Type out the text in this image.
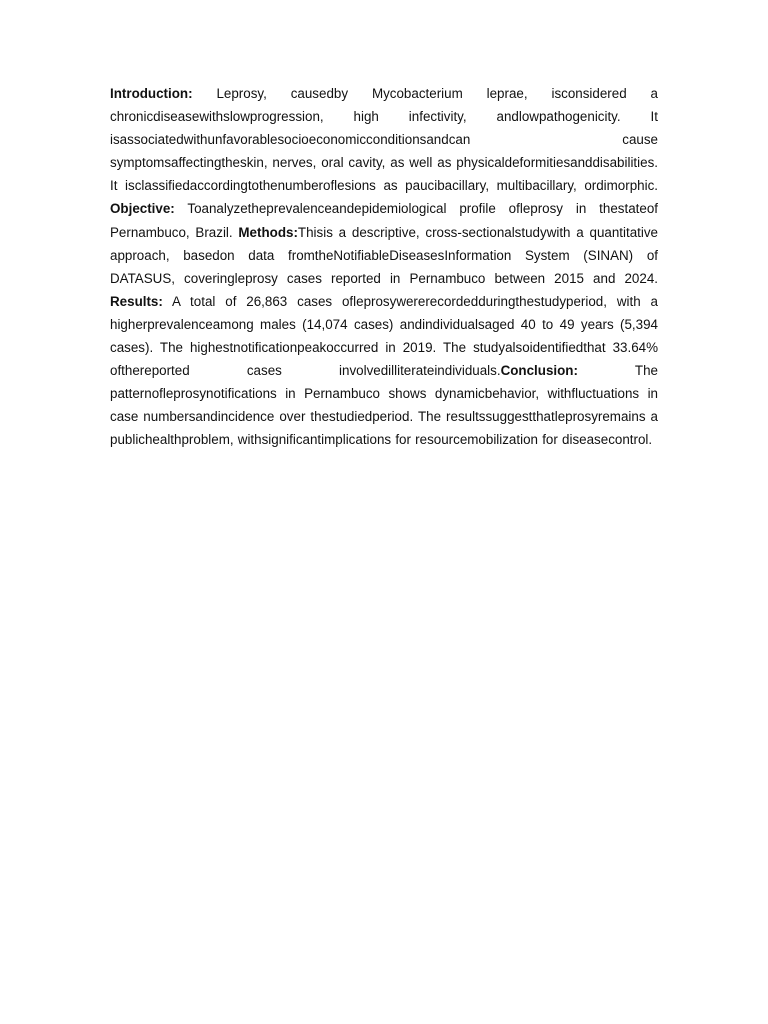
Introduction: Leprosy, causedby Mycobacterium leprae, isconsidered a chronicdiseasewithslowprogression, high infectivity, andlowpathogenicity. It isassociatedwithunfavorablesocioeconomicconditionsandcan cause symptomsaffectingtheskin, nerves, oral cavity, as well as physicaldeformitiesanddisabilities. It isclassifiedaccordingtothenumberoflesions as paucibacillary, multibacillary, ordimorphic. Objective: Toanalyzetheprevalenceandepidemiological profile ofleprosy in thestateof Pernambuco, Brazil. Methods:Thisis a descriptive, cross-sectionalstudywith a quantitative approach, basedon data fromtheNotifiableDiseasesInformation System (SINAN) of DATASUS, coveringleprosy cases reported in Pernambuco between 2015 and 2024. Results: A total of 26,863 cases ofleprosywererecordedduringthestudyperiod, with a higherprevalenceamong males (14,074 cases) andindividualsaged 40 to 49 years (5,394 cases). The highestnotificationpeakoccurred in 2019. The studyalsoidentifiedthat 33.64% ofthereported cases involvedilliterateindividuals.Conclusion: The patternofleprosynotifications in Pernambuco shows dynamicbehavior, withfluctuations in case numbersandincidence over thestudiedperiod. The resultssuggestthatleprosyremains a publichealthproblem, withsignificantimplications for resourcemobilization for diseasecontrol.
